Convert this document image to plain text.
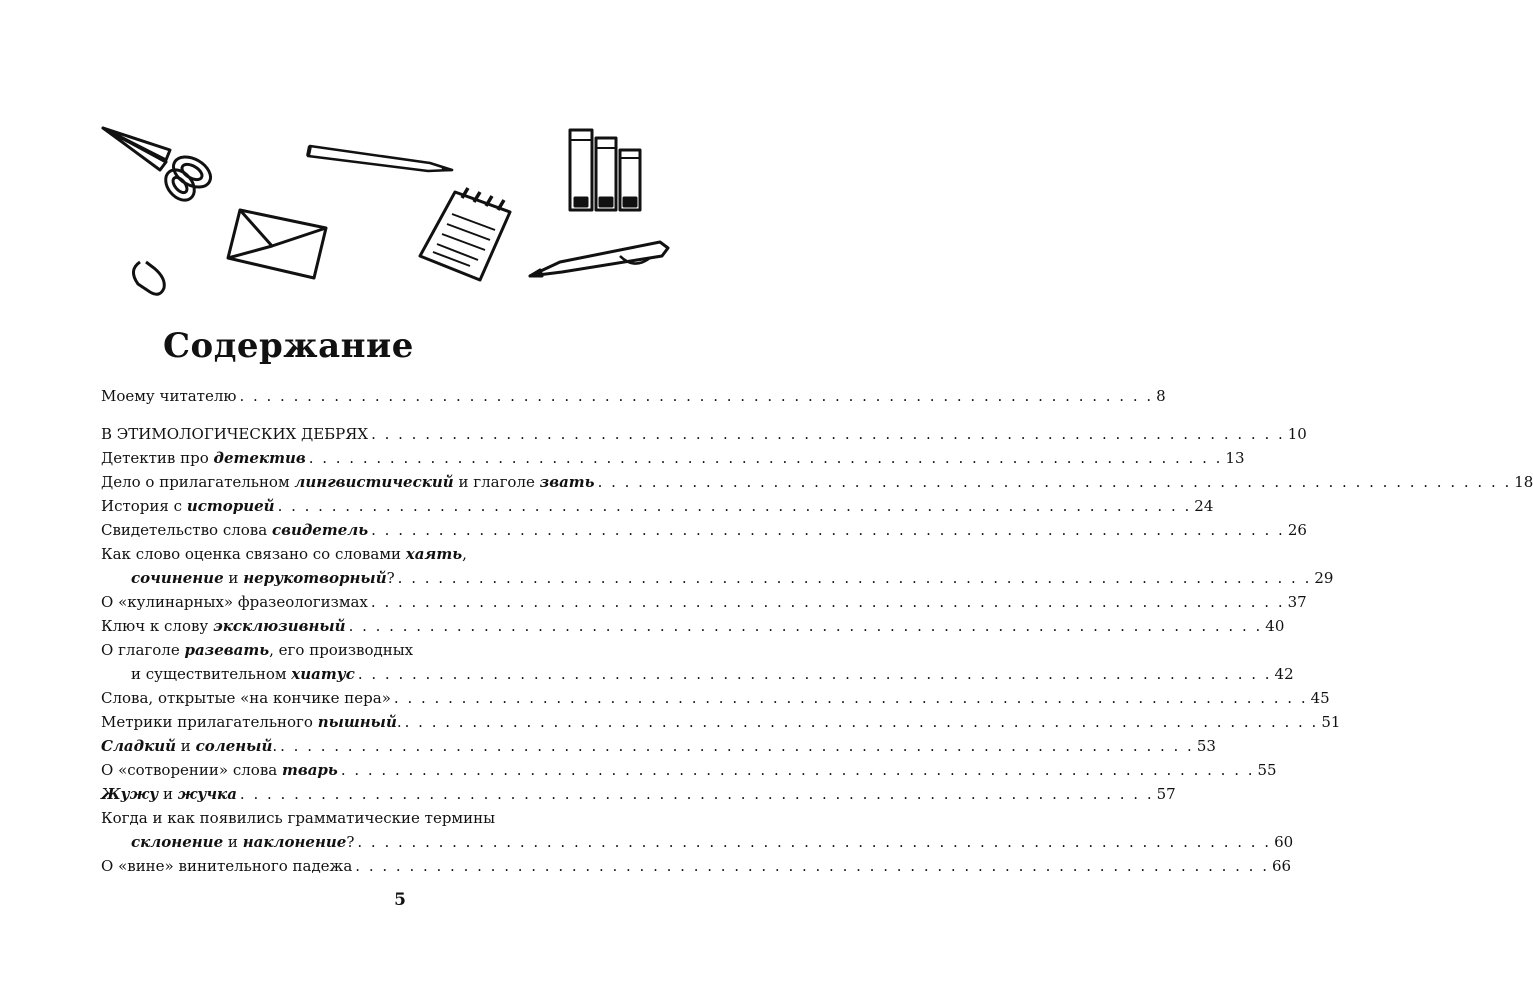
Содержание
Моему читателю . . . . . . . . . . . . . . . . . . . . . . . . . . . . . . . . . . . . . . . . . . . . . . . . . . . . . . . . . . . . . . . . . . . . 8
В ЭТИМОЛОГИЧЕСКИХ ДЕБРЯХ . . . . . . . . . . . . . . . . . . . . . . . . . . . . . . . . . . . . . . . . . . . . . . . . . . . . . . . . . . . . . . . . . . . . 10
Детектив про детектив . . . . . . . . . . . . . . . . . . . . . . . . . . . . . . . . . . . . . . . . . . . . . . . . . . . . . . . . . . . . . . . . . . . . 13
Дело о прилагательном лингвистический и глаголе звать . . . . . . . . . . . . . . . . . . . . . . . . . . . . . . . . . . . . . . . . . . . . . . . . . . . . . . . . . . . . . . . . . . . . 18
История с историей . . . . . . . . . . . . . . . . . . . . . . . . . . . . . . . . . . . . . . . . . . . . . . . . . . . . . . . . . . . . . . . . . . . . 24
Свидетельство слова свидетель . . . . . . . . . . . . . . . . . . . . . . . . . . . . . . . . . . . . . . . . . . . . . . . . . . . . . . . . . . . . . . . . . . . . 26
Как слово оценка связано со словами хаять,
сочинение и нерукотворный? . . . . . . . . . . . . . . . . . . . . . . . . . . . . . . . . . . . . . . . . . . . . . . . . . . . . . . . . . . . . . . . . . . . . 29
О «кулинарных» фразеологизмах . . . . . . . . . . . . . . . . . . . . . . . . . . . . . . . . . . . . . . . . . . . . . . . . . . . . . . . . . . . . . . . . . . . . 37
Ключ к слову эксклюзивный . . . . . . . . . . . . . . . . . . . . . . . . . . . . . . . . . . . . . . . . . . . . . . . . . . . . . . . . . . . . . . . . . . . . 40
О глаголе разевать, его производных
и существительном хиатус . . . . . . . . . . . . . . . . . . . . . . . . . . . . . . . . . . . . . . . . . . . . . . . . . . . . . . . . . . . . . . . . . . . . 42
Слова, открытые «на кончике пера» . . . . . . . . . . . . . . . . . . . . . . . . . . . . . . . . . . . . . . . . . . . . . . . . . . . . . . . . . . . . . . . . . . . . 45
Метрики прилагательного пышный. . . . . . . . . . . . . . . . . . . . . . . . . . . . . . . . . . . . . . . . . . . . . . . . . . . . . . . . . . . . . . . . . . . . . 51
Сладкий и соленый. . . . . . . . . . . . . . . . . . . . . . . . . . . . . . . . . . . . . . . . . . . . . . . . . . . . . . . . . . . . . . . . . . . . . 53
О «сотворении» слова тварь . . . . . . . . . . . . . . . . . . . . . . . . . . . . . . . . . . . . . . . . . . . . . . . . . . . . . . . . . . . . . . . . . . . . 55
Жужу и жучка . . . . . . . . . . . . . . . . . . . . . . . . . . . . . . . . . . . . . . . . . . . . . . . . . . . . . . . . . . . . . . . . . . . . 57
Когда и как появились грамматические термины
склонение и наклонение? . . . . . . . . . . . . . . . . . . . . . . . . . . . . . . . . . . . . . . . . . . . . . . . . . . . . . . . . . . . . . . . . . . . . 60
О «вине» винительного падежа . . . . . . . . . . . . . . . . . . . . . . . . . . . . . . . . . . . . . . . . . . . . . . . . . . . . . . . . . . . . . . . . . . . . 66

5
